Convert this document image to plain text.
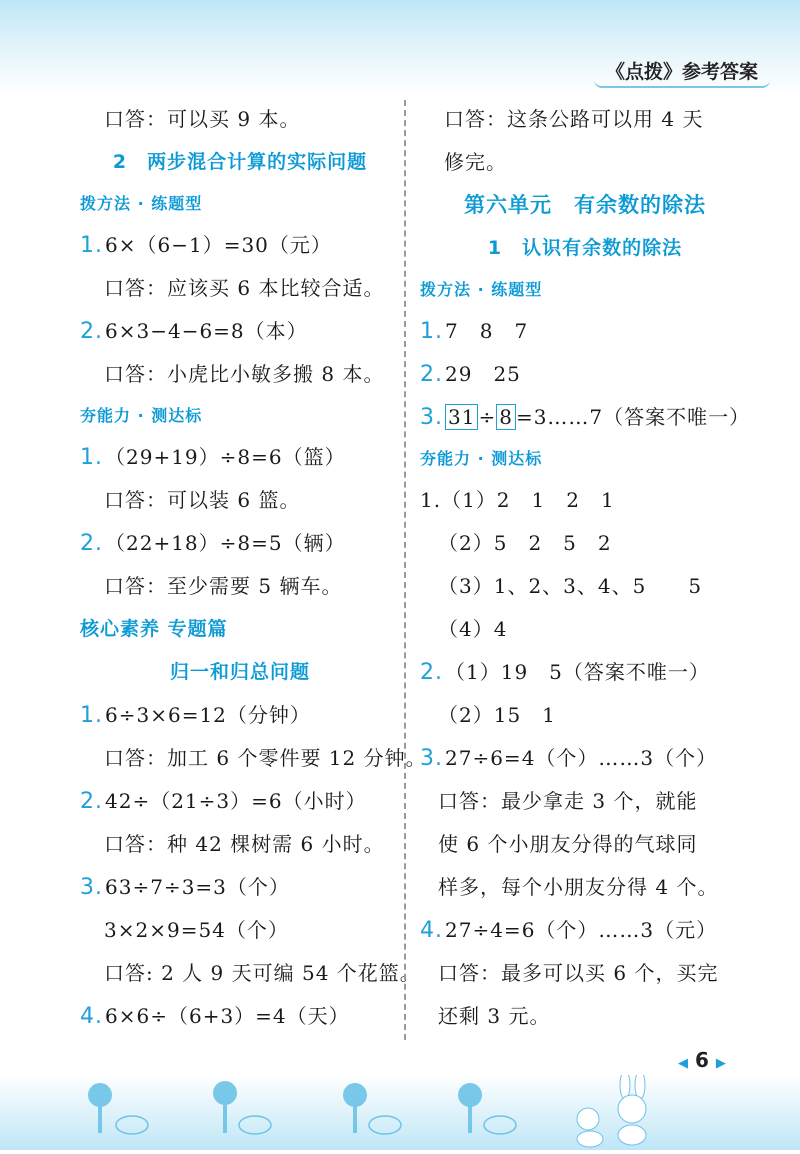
《点拨》参考答案
口答：可以买 9 本。
2　两步混合计算的实际问题
拨方法 · 练题型
1. 6×（6−1）=30（元）
口答：应该买 6 本比较合适。
2. 6×3−4−6=8（本）
口答：小虎比小敏多搬 8 本。
夯能力 · 测达标
1. （29+19）÷8=6（篮）
口答：可以装 6 篮。
2. （22+18）÷8=5（辆）
口答：至少需要 5 辆车。
核心素养 专题篇
归一和归总问题
1. 6÷3×6=12（分钟）
口答：加工 6 个零件要 12 分钟。
2. 42÷（21÷3）=6（小时）
口答：种 42 棵树需 6 小时。
3. 63÷7÷3=3（个）
3×2×9=54（个）
口答: 2 人 9 天可编 54 个花篮。
4. 6×6÷（6+3）=4（天）
口答：这条公路可以用 4 天
修完。
第六单元　有余数的除法
1　认识有余数的除法
拨方法 · 练题型
1. 7　8　7
2. 29　25
3. 31 ÷ 8 =3……7（答案不唯一）
夯能力 · 测达标
1.（1）2　1　2　1
（2）5　2　5　2
（3）1、2、3、4、5　　5
（4）4
2. （1）19　5（答案不唯一）
（2）15　1
3. 27÷6=4（个）……3（个）
口答：最少拿走 3 个，就能
使 6 个小朋友分得的气球同
样多，每个小朋友分得 4 个。
4. 27÷4=6（个）……3（元）
口答：最多可以买 6 个，买完
还剩 3 元。
◀ 6 ▶
